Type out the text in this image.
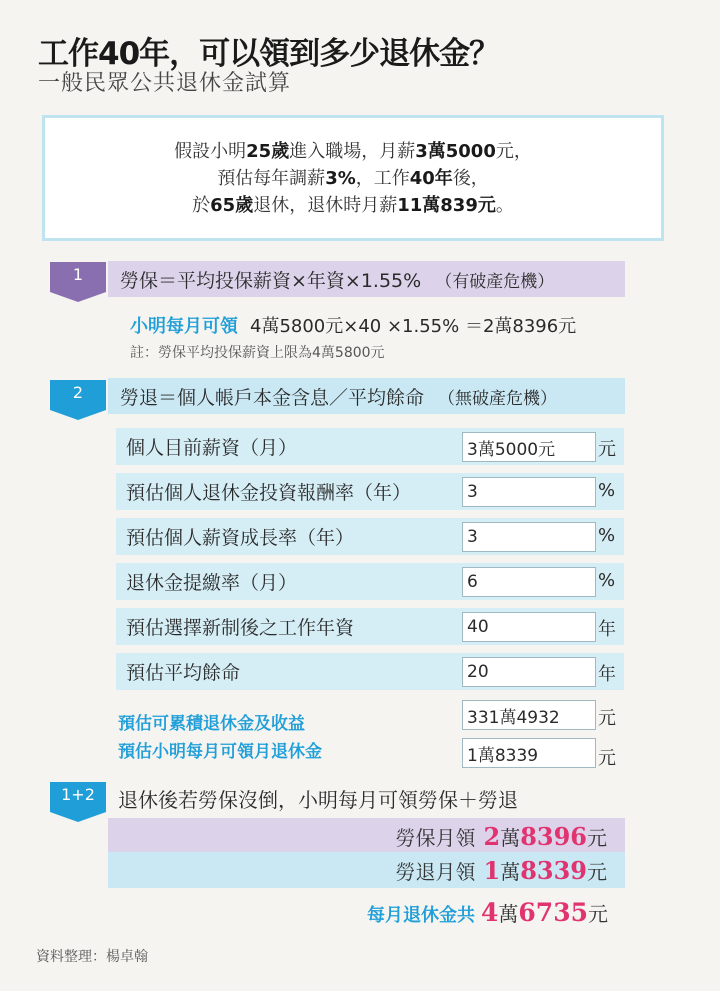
工作40年，可以領到多少退休金？
一般民眾公共退休金試算
假設小明25歲進入職場，月薪3萬5000元，
預估每年調薪3%，工作40年後，
於65歲退休，退休時月薪11萬839元。
1	勞保＝平均投保薪資×年資×1.55% （有破產危機）
小明每月可領 4萬5800元×40 ×1.55% ＝2萬8396元
註：勞保平均投保薪資上限為4萬5800元
2	勞退＝個人帳戶本金含息／平均餘命 （無破產危機）
個人目前薪資（月）	3萬5000元	元
預估個人退休金投資報酬率（年）	3	%
預估個人薪資成長率（年）	3	%
退休金提繳率（月）	6	%
預估選擇新制後之工作年資	40	年
預估平均餘命	20	年
預估可累積退休金及收益	331萬4932	元
預估小明每月可領月退休金	1萬8339	元
1+2	退休後若勞保沒倒，小明每月可領勞保＋勞退
勞保月領 2 萬 8396 元
勞退月領 1 萬 8339 元
每月退休金共 4萬6735元
資料整理：楊卓翰
